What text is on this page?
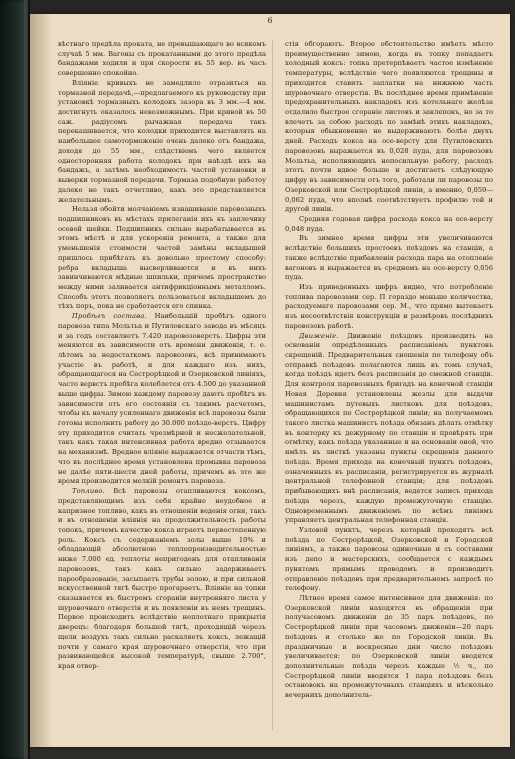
6

вѣстнаго предѣла проката, не превышающаго во всякомъ случаѣ 5 мм. Вагоны съ прокатанными до этого предѣла бандажами ходили и при скорости въ 55 вер. въ часъ совершенно спокойно.

Вліяніе кривыхъ не замедлило отразиться на тормазной передачѣ,—предлагаемого къ руководству при установкѣ тормазныхъ колодокъ зазора въ 3 мм.—4 мм. достигнуть оказалось невозможнымъ. При кривой въ 50 саж. радіусомъ рычажная передача такъ перекашивается, что колодки приходится выставлять на наибольшее самоторможеніе очень далеко отъ бандажа, доходя до 55 мм., слѣдствіемъ чего является односторонняя работа колодокъ при наѣздѣ ихъ на бандажъ, а затѣмъ необходимость частой установки и выверки тормазной передачи. Тормаза подобную работоу далеко не такъ отчетливо, какъ это представляется желательнымъ.

Нельзя обойти молчаніемъ изнашиваніе паровозныхъ подшипниковъ въ мѣстахъ прилеганія ихъ къ заплечику осевой шейки. Подшипникъ сильно вырабатывается въ этомъ мѣстѣ и для ускоренія ремонта, а также для уменьшенія стоимости частой замѣны вкладышей пришлось прибѣгать къ довольно простому способу: ребра вкладыша высверливаются и въ нихъ завинчиваются мѣдные шпильки, причемъ пространство между ними заливается антифрикціоннымъ металломъ. Способъ этотъ позволяетъ пользоваться вкладышемъ до тѣхъ поръ, пока не сработается его спинка.

Пробѣгъ состава. Наибольшій пробѣгъ одного паровоза типа Мольтьа и Путиловскаго завода въ мѣсяцъ и за годъ составляетъ 7.420 паровозоверстъ. Цифры эти меняются въ зависимости отъ времени движенія, т. е. лѣтомъ за недостаткомъ паровозовъ, всѣ принимаютъ участіе въ работѣ, и для каждаго изъ нихъ, обращающагося на Сестрорѣцкой и Озерковской линіяхъ, часто вервстъ пробѣга колеблется отъ 4.500 до указанной выше цифры. Зимою каждому паровозу даютъ пробѣгъ въ зависимости отъ его состоянія съ такимъ расчетомъ, чтобы къ началу усиленнаго движенія всѣ паровозы были готовы исполнить работу до 30.000 поѣздо-верстъ. Цифру эту приходится считать чрезмѣрной и несжелательной, такъ какъ такая интенсивная работа вредно отзывается на механизмѣ. Вредное вліяніе выражается отчасти тѣмъ, что въ послѣднее время установлена промывка паровоза не далѣе пяти-шести дней работы, причемъ въ это же время производится мелкій ремонтъ паровоза.

Топливо. Всѣ паровозы отапливаются коксомъ, представляющимъ изъ себя крайне неудобное и капризное топливо, какъ въ отношеніи веденія огня, такъ и въ отношеніи вліянія на продолжительность работы топокъ, причемъ качество кокса играетъ первостепенную роль. Коксъ съ содержаніемъ золы выше 10% и обладающій абсолютною теплопроизводительностью ниже 7.000 ед. теплоты непригоденъ для отапливанія паровозовъ, такъ какъ сильно задерживаетъ парообразованіе, засыпаетъ трубы золою, и при сильной искусственной тягѣ быстро прогараетъ. Вліяніе на топки сказывается въ быстромъ сгораніи внутренняго листа у шуровочнаго отверстія и въ появленіи въ немъ трещинъ. Первое происходитъ вслѣдствіе неплотнаго прикрытія дверецъ: благодаря большой тягѣ, проходящій черезъ щели воздухъ такъ сильно раскаляетъ коксъ, лежащій почти у самаго края шуровочнаго отверстія, что при развивающейся высокой температурѣ, свыше 2.700°, края отвер-

стія обгораютъ. Второе обстоятельство имѣетъ мѣсто преимущественно зимою, когда въ топку попадаетъ холодный коксъ: топка претерпѣваетъ частое измѣненіе температуры, вслѣдствіе чего появляются трещины и приходится ставить заплатки на нижнюю часть шуровочнаго отверстія. Въ послѣднее время примѣненіе предохранительныхъ накладокъ изъ котельнаго желѣза отдалило быстрое сгораніе листовъ и заклепокъ, но за то влечетъ за собою расходъ по замѣнѣ этихъ накладокъ, которыя обыкновенно не выдерживаютъ болѣе двухъ дней. Расходъ кокса на осе-версту для Путиловскихъ паровозовъ выражается въ 0,028 пуда, для паровозовъ Мольтьа, исполняющихъ непосильную работу, расходъ этотъ почти вдвое больше и достигаетъ слѣдующую цифру въ зависимости отъ того, работали ли паровозы по Озерковской или Сестрорѣцкой линіи, а именно, 0,059—0,062 пуда, что вполнѣ соотвѣтствуетъ профилю той и другой линіи.

Средняя годовая цифра расхода кокса на осе-версту 0,048 пуда.

Въ зимнее время цифры эти увеличиваются вслѣдствіе большихъ простоевъ поѣздовъ на станціи, а также вслѣдствіе прибавленія расхода пара на отопленіе вагоновъ и выражается въ среднемъ на осе-версту 0,056 пуда.

Изъ приведенныхъ цифръ видно, что потребленіе топлива паровозами сер. П гораздо меньше количества, расходуемаго паровозами сер. М., что прямо вытекаетъ изъ несоотвѣтствія конструкціи и размѣровъ послѣднихъ паровозовъ работѣ.

Движеніе. Движеніе поѣздовъ производить на основаніи опредѣленныхъ расписаніемъ пунктовъ скрещеній. Предварительныя сношенія по телефону объ отправкѣ поѣздовъ полагаются лишь въ томъ случаѣ, когда поѣздъ идетъ безъ расписанія до смежной станціи. Для контроля паровозныхъ бригадъ на конечной станціи Новая Деревня установлены жезлы для выдачи машинистамъ путевыхъ листковъ для поѣздовъ, обращающихся по Сестрорѣцкой линіи; на получаемомъ такого листка машинистъ поѣзда обязанъ дѣлать отмѣтку въ конторку къ дежурному по станціи и провѣрять при отмѣтку, какъ поѣзда указанные и на основаніи оной, что имѣлъ въ листкѣ указаны пункты скрещенія данного поѣзда. Время прихода на конечный пунктъ поѣздовъ, означенныхъ въ расписаніи, регистрируется въ журналѣ центральной телефонной станціи; для поѣздовъ прибывающихъ внѣ расписанія, ведется записъ прихода поѣзда черезъ, каждую промежуточную станцію. Одновременнымъ движеніемъ по всѣмъ линіямъ управляетъ центральная телефонная станція.

Узловой пунктъ, черезъ который проходятъ всѣ поѣзда по Сестрорѣцкой, Озерковской и Городской линіямъ, а также паровозы одиночные и съ составами изъ депо и мастерскихъ, сообщается с каждымъ пунктомъ прямымъ проводомъ и производитъ отправленіе поѣздовъ при предварительномъ запросѣ по телефону.

Лѣтнее время самое интенсивное для движенія: по Озерковской линіи находятся въ обращеніи при получасовомъ движеніи до 35 паръ поѣздовъ, по Сестрорѣцкой линіи при часовомъ движеніи—20 паръ поѣздовъ и столько же по Городской линіи. Въ праздничные и воскресные дни число поѣздовъ увеличивается: по Озерковской линіи вводятся дополнительные поѣзда черезъ каждые ½ ч., по Сестрорѣцкой линіи вводятся 1 пара поѣздовъ безъ остановокъ на промежуточныхъ станціяхъ и нѣсколько вечернихъ дополнитель-
